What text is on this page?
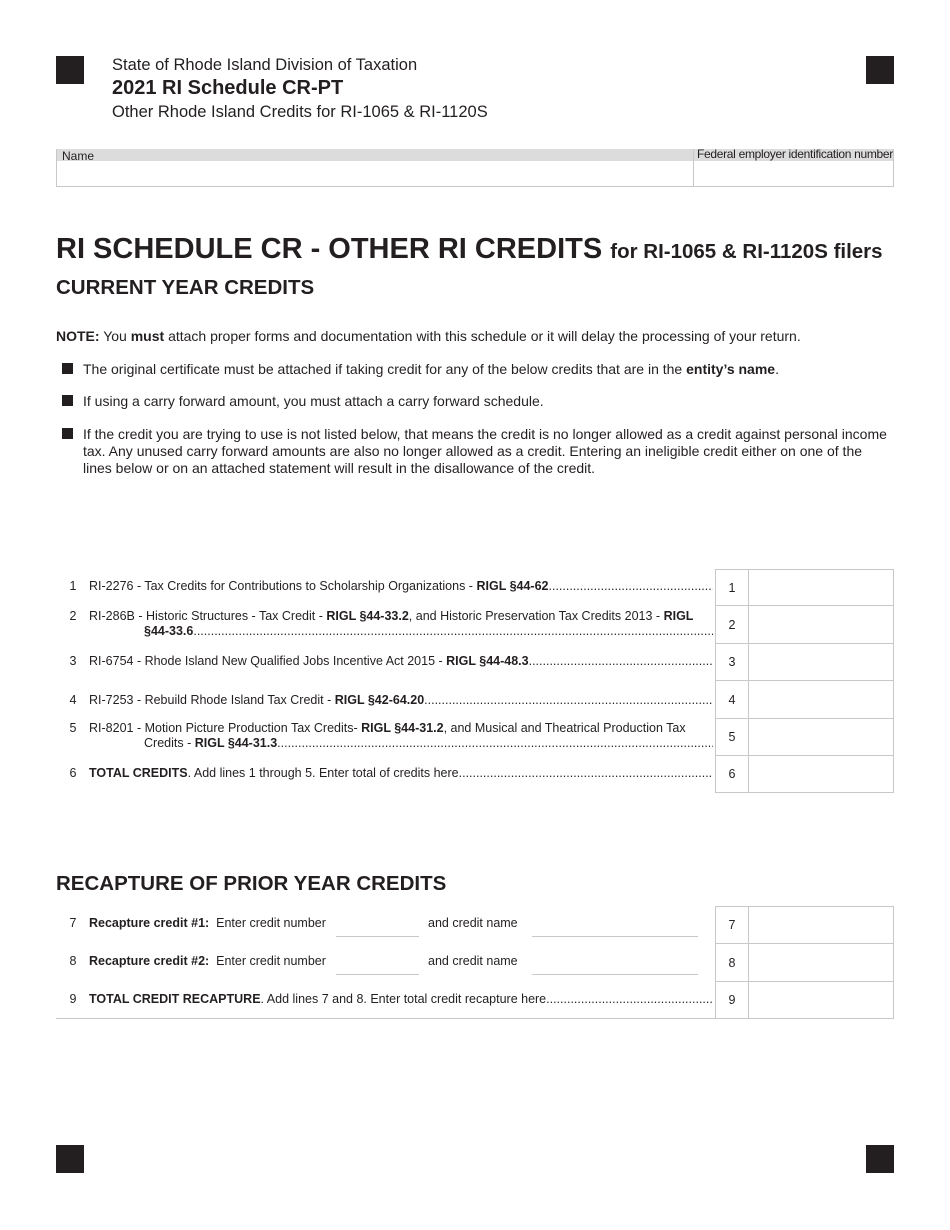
State of Rhode Island Division of Taxation
2021 RI Schedule CR-PT
Other Rhode Island Credits for RI-1065 & RI-1120S
Name	Federal employer identification number
RI SCHEDULE CR - OTHER RI CREDITS for RI-1065 & RI-1120S filers
CURRENT YEAR CREDITS
NOTE: You must attach proper forms and documentation with this schedule or it will delay the processing of your return.
The original certificate must be attached if taking credit for any of the below credits that are in the entity’s name.
If using a carry forward amount, you must attach a carry forward schedule.
If the credit you are trying to use is not listed below, that means the credit is no longer allowed as a credit against personal income tax. Any unused carry forward amounts are also no longer allowed as a credit. Entering an ineligible credit either on one of the lines below or on an attached statement will result in the disallowance of the credit.
1 RI-2276 - Tax Credits for Contributions to Scholarship Organizations -
RIGL §44-62 .....	1
2 RI-286B - Historic Structures - Tax Credit -
RIGL §44-33.2 , and Historic Preservation Tax Credits 2013 -
RIGL
§44-33.6 .....	2
3 RI-6754 - Rhode Island New Qualified Jobs Incentive Act 2015 -
RIGL §44-48.3 .....	3
4 RI-7253 - Rebuild Rhode Island Tax Credit -
RIGL §42-64.20 .....	4
5 RI-8201 - Motion Picture Production Tax Credits-
RIGL §44-31.2 , and Musical and Theatrical Production Tax
Credits -
RIGL §44-31.3 .....	5
6 TOTAL CREDITS . Add lines 1 through 5. Enter total of credits here .....	6
RECAPTURE OF PRIOR YEAR CREDITS
7 Recapture credit #1:
Enter credit number	and credit name	7
8 Recapture credit #2:
Enter credit number	and credit name	8
9 TOTAL CREDIT RECAPTURE . Add lines 7 and 8. Enter total credit recapture here .....	9
